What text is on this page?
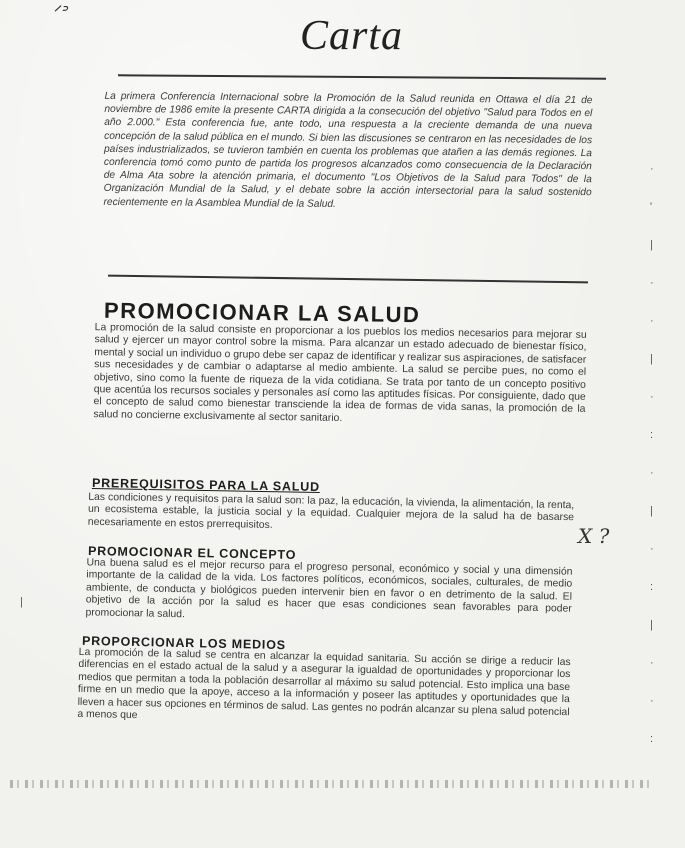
ᐟᐣ
Carta
La primera Conferencia Internacional sobre la Promoción de la Salud reunida en Ottawa el día 21 de noviembre de 1986 emite la presente CARTA dirigida a la consecución del objetivo "Salud para Todos en el año 2.000." Esta conferencia fue, ante todo, una respuesta a la creciente demanda de una nueva concepción de la salud pública en el mundo. Si bien las discusiones se centraron en las necesidades de los países industrializados, se tuvieron también en cuenta los problemas que atañen a las demás regiones. La conferencia tomó como punto de partida los progresos alcanzados como consecuencia de la Declaración de Alma Ata sobre la atención primaria, el documento "Los Objetivos de la Salud para Todos" de la Organización Mundial de la Salud, y el debate sobre la acción intersectorial para la salud sostenido recientemente en la Asamblea Mundial de la Salud.
PROMOCIONAR LA SALUD
La promoción de la salud consiste en proporcionar a los pueblos los medios necesarios para mejorar su salud y ejercer un mayor control sobre la misma. Para alcanzar un estado adecuado de bienestar físico, mental y social un individuo o grupo debe ser capaz de identificar y realizar sus aspiraciones, de satisfacer sus necesidades y de cambiar o adaptarse al medio ambiente. La salud se percibe pues, no como el objetivo, sino como la fuente de riqueza de la vida cotidiana. Se trata por tanto de un concepto positivo que acentúa los recursos sociales y personales así como las aptitudes físicas. Por consiguiente, dado que el concepto de salud como bienestar transciende la idea de formas de vida sanas, la promoción de la salud no concierne exclusivamente al sector sanitario.
PREREQUISITOS PARA LA SALUD
Las condiciones y requisitos para la salud son: la paz, la educación, la vivienda, la alimentación, la renta, un ecosistema estable, la justicia social y la equidad. Cualquier mejora de la salud ha de basarse necesariamente en estos prerrequisitos.
PROMOCIONAR EL CONCEPTO
Una buena salud es el mejor recurso para el progreso personal, económico y social y una dimensión importante de la calidad de la vida. Los factores políticos, económicos, sociales, culturales, de medio ambiente, de conducta y biológicos pueden intervenir bien en favor o en detrimento de la salud. El objetivo de la acción por la salud es hacer que esas condiciones sean favorables para poder promocionar la salud.
PROPORCIONAR LOS MEDIOS
La promoción de la salud se centra en alcanzar la equidad sanitaria. Su acción se dirige a reducir las diferencias en el estado actual de la salud y a asegurar la igualdad de oportunidades y proporcionar los medios que permitan a toda la población desarrollar al máximo su salud potencial. Esto implica una base firme en un medio que la apoye, acceso a la información y poseer las aptitudes y oportunidades que la lleven a hacer sus opciones en términos de salud. Las gentes no podrán alcanzar su plena salud potencial a menos que
X ?
|
·
'
|
·
·
|
·
:
·
|
·
:
|
·
·
:
